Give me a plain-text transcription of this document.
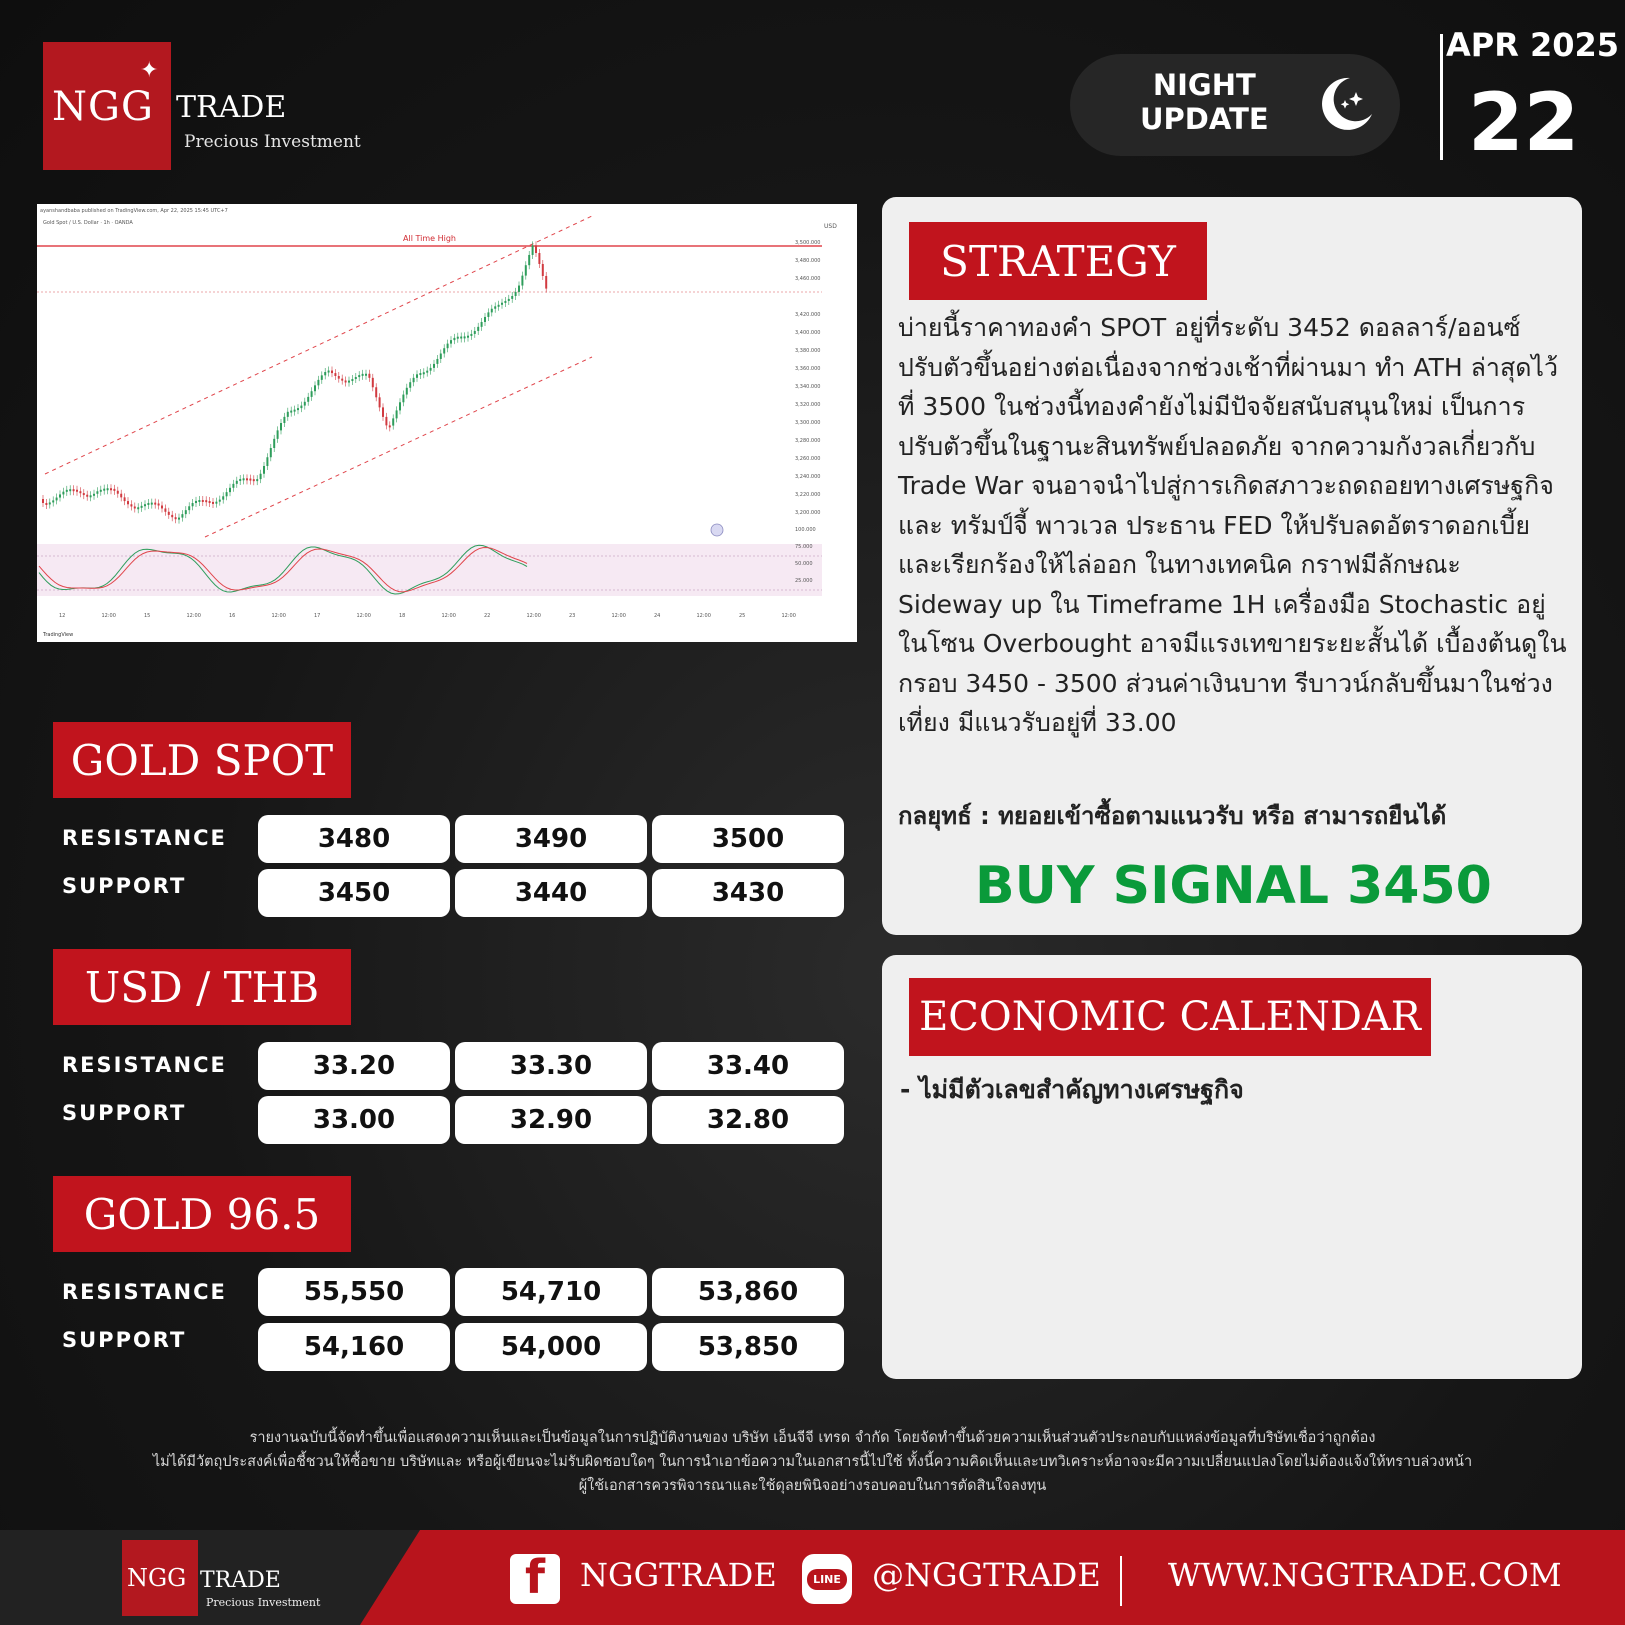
✦
NGG TRADE
Precious Investment
NIGHT
UPDATE
APR 2025
22
ayanshandbaba published on TradingView.com, Apr 22, 2025 15:45 UTC+7
Gold Spot / U.S. Dollar · 1h · OANDA	USD
All Time High	3,500.000
3,480.000
3,460.000
3,420.000
3,400.000
3,380.000
3,360.000
3,340.000
3,320.000
3,300.000
3,280.000
3,260.000
3,240.000
3,220.000
3,200.000
100.000
75.000
50.000
25.000
12	12:00	15	12:00	16	12:00	17	12:00	18	12:00	22	12:00	23	12:00	24	12:00	25	12:00
TradingView
GOLD SPOT
RESISTANCE
SUPPORT
3480	3490	3500
3450	3440	3430
USD / THB
RESISTANCE
SUPPORT
33.20	33.30	33.40
33.00	32.90	32.80
GOLD 96.5
RESISTANCE
SUPPORT
55,550	54,710	53,860
54,160	54,000	53,850
STRATEGY
บ่ายนี้ราคาทองคำ SPOT อยู่ที่ระดับ 3452 ดอลลาร์/ออนซ์ ปรับตัวขึ้นอย่างต่อเนื่องจากช่วงเช้าที่ผ่านมา ทำ ATH ล่าสุดไว้ที่ 3500 ในช่วงนี้ทองคำยังไม่มีปัจจัยสนับสนุนใหม่ เป็นการปรับตัวขึ้นในฐานะสินทรัพย์ปลอดภัย จากความกังวลเกี่ยวกับ Trade War จนอาจนำไปสู่การเกิดสภาวะถดถอยทางเศรษฐกิจ และ ทรัมป์จี้ พาวเวล ประธาน FED ให้ปรับลดอัตราดอกเบี้ย และเรียกร้องให้ไล่ออก ในทางเทคนิค กราฟมีลักษณะ Sideway up ใน Timeframe 1H เครื่องมือ Stochastic อยู่ในโซน Overbought อาจมีแรงเทขายระยะสั้นได้ เบื้องต้นดูในกรอบ 3450 - 3500 ส่วนค่าเงินบาท รีบาวน์กลับขึ้นมาในช่วงเที่ยง มีแนวรับอยู่ที่ 33.00
กลยุทธ์ : ทยอยเข้าซื้อตามแนวรับ หรือ สามารถยืนได้
BUY SIGNAL 3450
ECONOMIC CALENDAR
- ไม่มีตัวเลขสำคัญทางเศรษฐกิจ
รายงานฉบับนี้จัดทำขึ้นเพื่อแสดงความเห็นและเป็นข้อมูลในการปฏิบัติงานของ บริษัท เอ็นจีจี เทรด จำกัด โดยจัดทำขึ้นด้วยความเห็นส่วนตัวประกอบกับแหล่งข้อมูลที่บริษัทเชื่อว่าถูกต้อง
ไม่ได้มีวัตถุประสงค์เพื่อชี้ชวนให้ซื้อขาย บริษัทและ หรือผู้เขียนจะไม่รับผิดชอบใดๆ ในการนำเอาข้อความในเอกสารนี้ไปใช้ ทั้งนี้ความคิดเห็นและบทวิเคราะห์อาจจะมีความเปลี่ยนแปลงโดยไม่ต้องแจ้งให้ทราบล่วงหน้า
ผู้ใช้เอกสารควรพิจารณาและใช้ดุลยพินิจอย่างรอบคอบในการตัดสินใจลงทุน
NGG TRADE
Precious Investment	f	NGGTRADE	LINE @NGGTRADE WWW.NGGTRADE.COM
